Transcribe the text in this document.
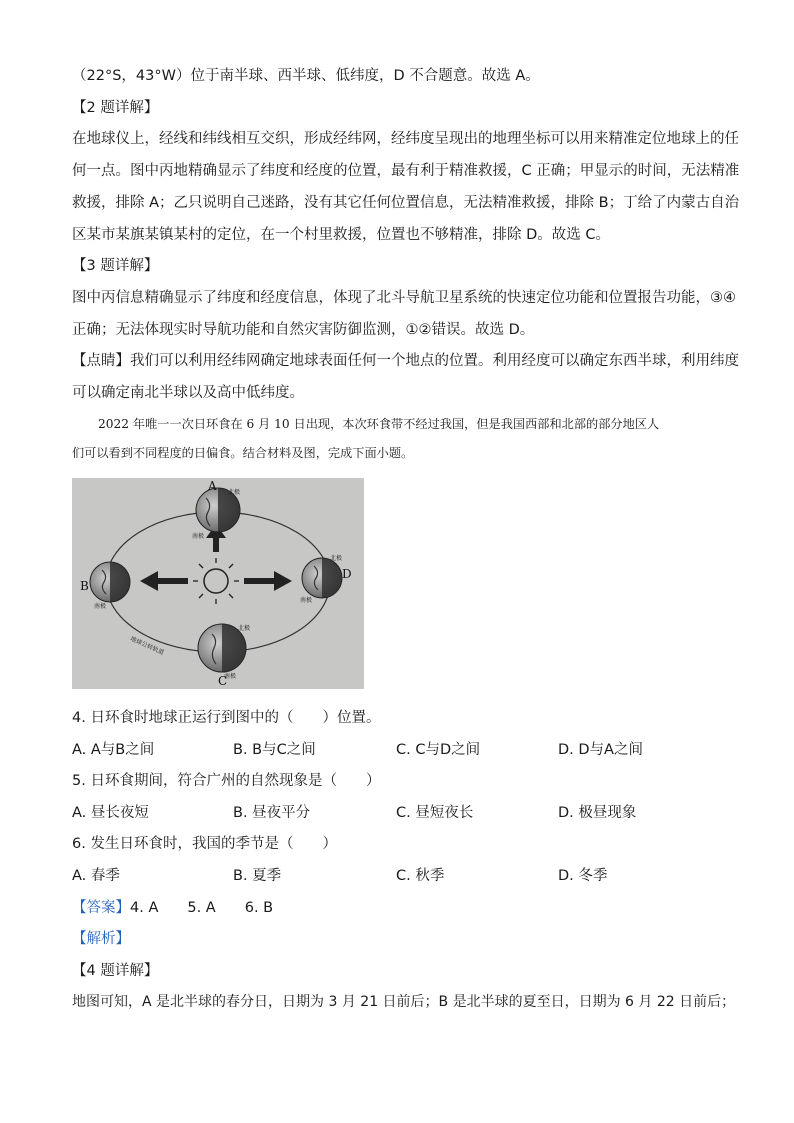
（22°S，43°W）位于南半球、西半球、低纬度，D 不合题意。故选 A。
【2 题详解】
在地球仪上，经线和纬线相互交织，形成经纬网，经纬度呈现出的地理坐标可以用来精准定位地球上的任
何一点。图中丙地精确显示了纬度和经度的位置，最有利于精准救援，C 正确；甲显示的时间，无法精准
救援，排除 A；乙只说明自己迷路，没有其它任何位置信息，无法精准救援，排除 B；丁给了内蒙古自治
区某市某旗某镇某村的定位，在一个村里救援，位置也不够精准，排除 D。故选 C。
【3 题详解】
图中丙信息精确显示了纬度和经度信息，体现了北斗导航卫星系统的快速定位功能和位置报告功能，③④
正确；无法体现实时导航功能和自然灾害防御监测，①②错误。故选 D。
【点睛】我们可以利用经纬网确定地球表面任何一个地点的位置。利用经度可以确定东西半球，利用纬度
可以确定南北半球以及高中低纬度。
2022 年唯一一次日环食在 6 月 10 日出现，本次环食带不经过我国，但是我国西部和北部的部分地区人
们可以看到不同程度的日偏食。结合材料及图，完成下面小题。
A
B
C
D
北极
南极
南极
北极
南极
北极
南极
地球公转轨道
4. 日环食时地球正运行到图中的（　　）位置。
A. A与B之间	B. B与C之间	C. C与D之间	D. D与A之间
5. 日环食期间，符合广州的自然现象是（　　）
A. 昼长夜短	B. 昼夜平分	C. 昼短夜长	D. 极昼现象
6. 发生日环食时，我国的季节是（　　）
A. 春季	B. 夏季	C. 秋季	D. 冬季
【答案】4. A　　5. A　　6. B
【解析】
【4 题详解】
地图可知，A 是北半球的春分日，日期为 3 月 21 日前后；B 是北半球的夏至日，日期为 6 月 22 日前后；
